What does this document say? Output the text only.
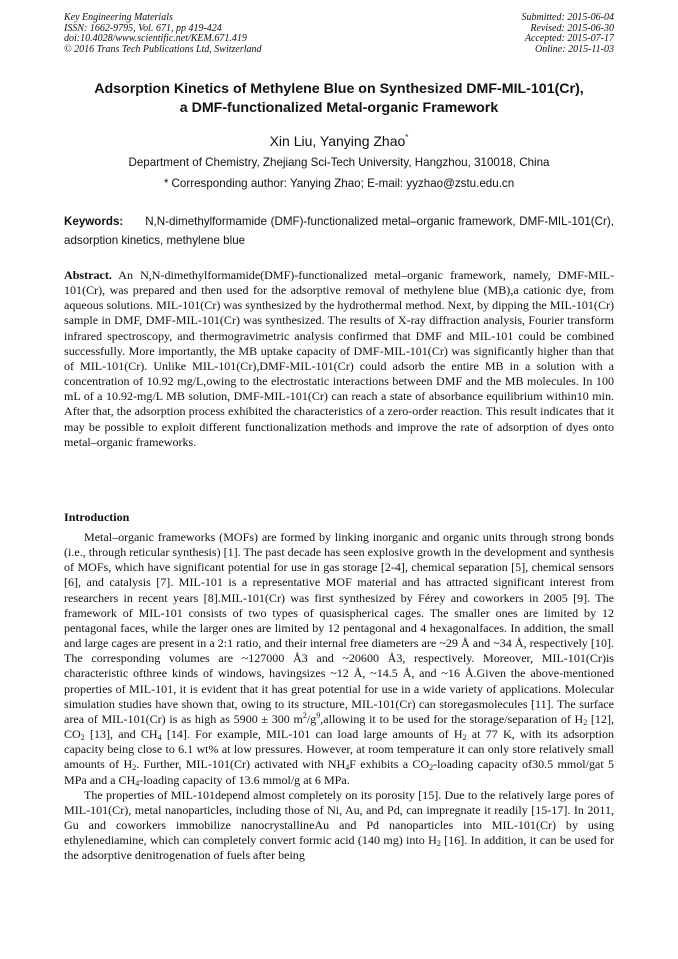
Key Engineering Materials
ISSN: 1662-9795, Vol. 671, pp 419-424
doi:10.4028/www.scientific.net/KEM.671.419
© 2016 Trans Tech Publications Ltd, Switzerland
Submitted: 2015-06-04
Revised: 2015-06-30
Accepted: 2015-07-17
Online: 2015-11-03
Adsorption Kinetics of Methylene Blue on Synthesized DMF-MIL-101(Cr),
a DMF-functionalized Metal-organic Framework
Xin Liu, Yanying Zhao*
Department of Chemistry, Zhejiang Sci-Tech University, Hangzhou, 310018, China
* Corresponding author: Yanying Zhao; E-mail: yyzhao@zstu.edu.cn
Keywords: N,N-dimethylformamide (DMF)-functionalized metal–organic framework, DMF-MIL-101(Cr), adsorption kinetics, methylene blue
Abstract. An N,N-dimethylformamide(DMF)-functionalized metal–organic framework, namely, DMF-MIL-101(Cr), was prepared and then used for the adsorptive removal of methylene blue (MB),a cationic dye, from aqueous solutions. MIL-101(Cr) was synthesized by the hydrothermal method. Next, by dipping the MIL-101(Cr) sample in DMF, DMF-MIL-101(Cr) was synthesized. The results of X-ray diffraction analysis, Fourier transform infrared spectroscopy, and thermogravimetric analysis confirmed that DMF and MIL-101 could be combined successfully. More importantly, the MB uptake capacity of DMF-MIL-101(Cr) was significantly higher than that of MIL-101(Cr). Unlike MIL-101(Cr),DMF-MIL-101(Cr) could adsorb the entire MB in a solution with a concentration of 10.92 mg/L,owing to the electrostatic interactions between DMF and the MB molecules. In 100 mL of a 10.92-mg/L MB solution, DMF-MIL-101(Cr) can reach a state of absorbance equilibrium within10 min. After that, the adsorption process exhibited the characteristics of a zero-order reaction. This result indicates that it may be possible to exploit different functionalization methods and improve the rate of adsorption of dyes onto metal–organic frameworks.
Introduction

Metal–organic frameworks (MOFs) are formed by linking inorganic and organic units through strong bonds (i.e., through reticular synthesis) [1]. The past decade has seen explosive growth in the development and synthesis of MOFs, which have significant potential for use in gas storage [2-4], chemical separation [5], chemical sensors [6], and catalysis [7]. MIL-101 is a representative MOF material and has attracted significant interest from researchers in recent years [8].MIL-101(Cr) was first synthesized by Férey and coworkers in 2005 [9]. The framework of MIL-101 consists of two types of quasispherical cages. The smaller ones are limited by 12 pentagonal faces, while the larger ones are limited by 12 pentagonal and 4 hexagonalfaces. In addition, the small and large cages are present in a 2:1 ratio, and their internal free diameters are ~29 Å and ~34 Å, respectively [10]. The corresponding volumes are ~127000 Å3 and ~20600 Å3, respectively. Moreover, MIL-101(Cr)is characteristic ofthree kinds of windows, havingsizes ~12 Å, ~14.5 Å, and ~16 Å.Given the above-mentioned properties of MIL-101, it is evident that it has great potential for use in a wide variety of applications. Molecular simulation studies have shown that, owing to its structure, MIL-101(Cr) can storegasmolecules [11]. The surface area of MIL-101(Cr) is as high as 5900 ± 300 $m^2/g^9,allowing$ it to be used for the storage/separation of $H_2$ [12], $CO_2$ [13], and $CH_4$ [14]. For example, MIL-101 can load large amounts of $H_2$ at 77 K, with its adsorption capacity being close to 6.1 wt% at low pressures. However, at room temperature it can only store relatively small amounts of $H_2$. Further, MIL-101(Cr) activated with $NH_4F$ exhibits a $CO_2$-loading capacity of30.5 mmol/gat 5 MPa and a $CH_4$-loading capacity of 13.6 mmol/g at 6 MPa.

The properties of MIL-101depend almost completely on its porosity [15]. Due to the relatively large pores of MIL-101(Cr), metal nanoparticles, including those of Ni, Au, and Pd, can impregnate it readily [15-17]. In 2011, Gu and coworkers immobilize nanocrystallineAu and Pd nanoparticles into MIL-101(Cr) by using ethylenediamine, which can completely convert formic acid (140 mg) into $H_2$ [16]. In addition, it can be used for the adsorptive denitrogenation of fuels after being
